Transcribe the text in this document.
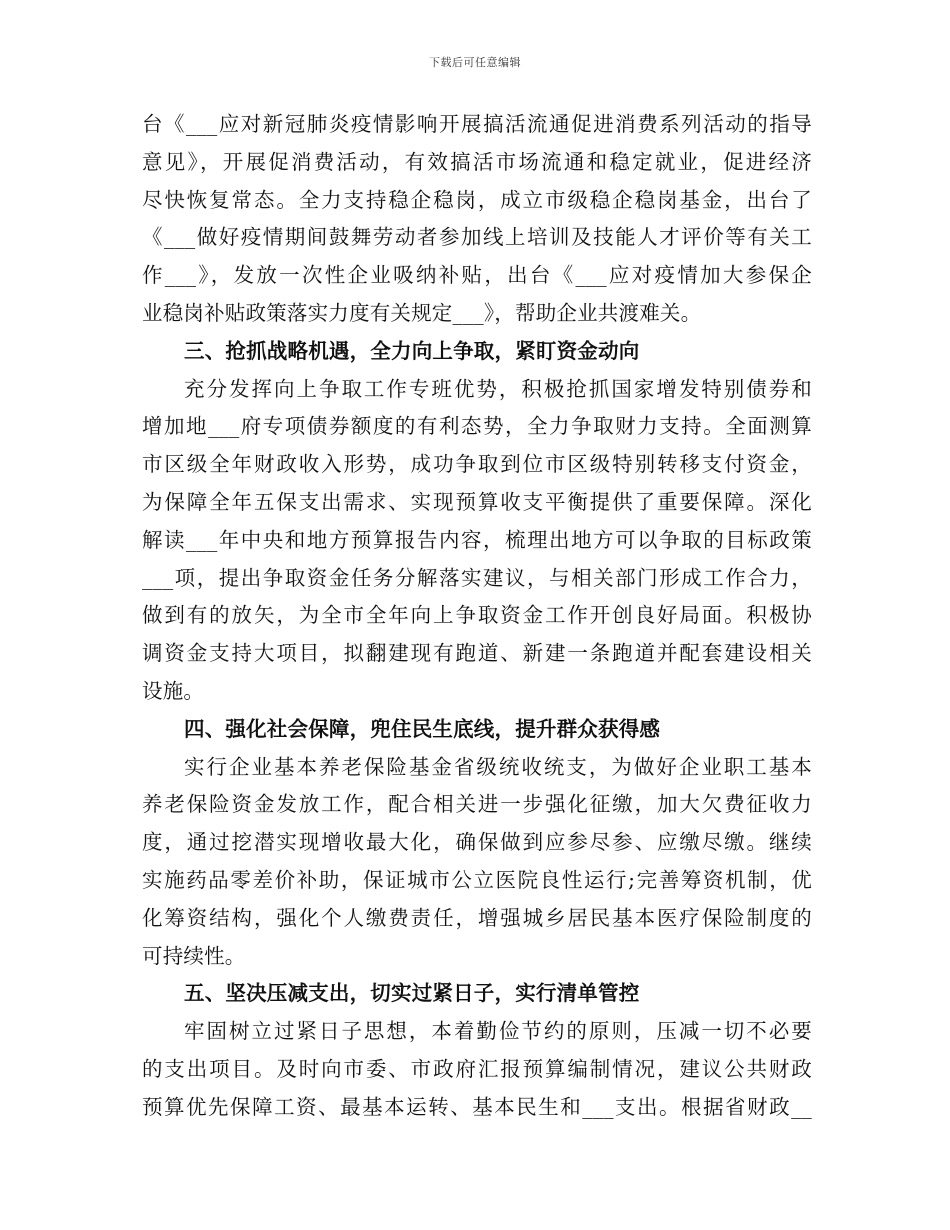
下载后可任意编辑
台《___应对新冠肺炎疫情影响开展搞活流通促进消费系列活动的指导
意见》，开展促消费活动，有效搞活市场流通和稳定就业，促进经济
尽快恢复常态。全力支持稳企稳岗，成立市级稳企稳岗基金，出台了
《___做好疫情期间鼓舞劳动者参加线上培训及技能人才评价等有关工
作___》，发放一次性企业吸纳补贴，出台《___应对疫情加大参保企
业稳岗补贴政策落实力度有关规定___》，帮助企业共渡难关。
三、抢抓战略机遇，全力向上争取，紧盯资金动向
充分发挥向上争取工作专班优势，积极抢抓国家增发特别债券和
增加地___府专项债券额度的有利态势，全力争取财力支持。全面测算
市区级全年财政收入形势，成功争取到位市区级特别转移支付资金，
为保障全年五保支出需求、实现预算收支平衡提供了重要保障。深化
解读___年中央和地方预算报告内容，梳理出地方可以争取的目标政策
___项，提出争取资金任务分解落实建议，与相关部门形成工作合力，
做到有的放矢，为全市全年向上争取资金工作开创良好局面。积极协
调资金支持大项目，拟翻建现有跑道、新建一条跑道并配套建设相关
设施。
四、强化社会保障，兜住民生底线，提升群众获得感
实行企业基本养老保险基金省级统收统支，为做好企业职工基本
养老保险资金发放工作，配合相关进一步强化征缴，加大欠费征收力
度，通过挖潜实现增收最大化，确保做到应参尽参、应缴尽缴。继续
实施药品零差价补助，保证城市公立医院良性运行;完善筹资机制，优
化筹资结构，强化个人缴费责任，增强城乡居民基本医疗保险制度的
可持续性。
五、坚决压减支出，切实过紧日子，实行清单管控
牢固树立过紧日子思想，本着勤俭节约的原则，压减一切不必要
的支出项目。及时向市委、市政府汇报预算编制情况，建议公共财政
预算优先保障工资、最基本运转、基本民生和___支出。根据省财政__
